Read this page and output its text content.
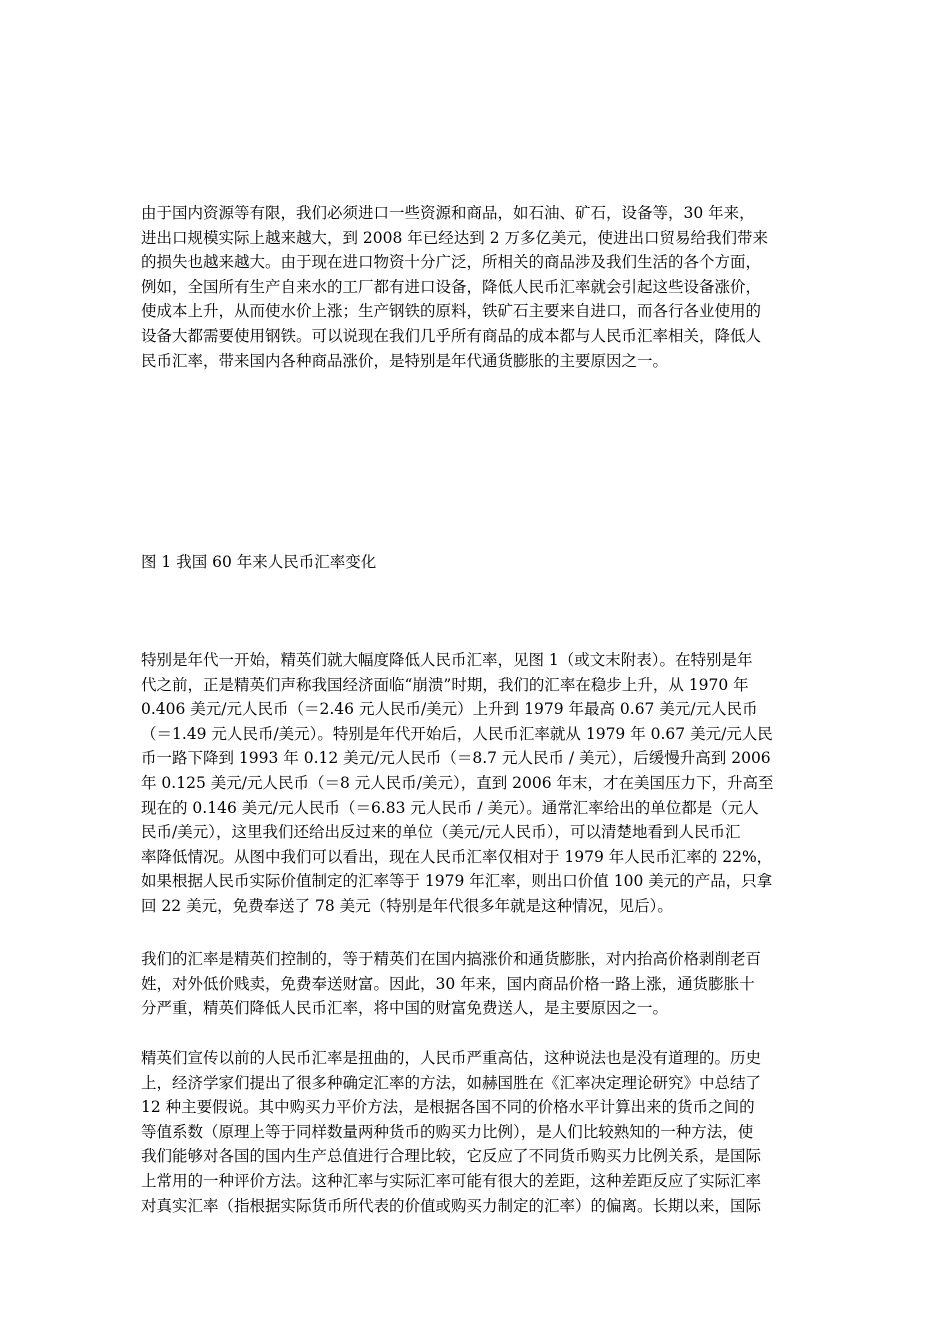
由于国内资源等有限，我们必须进口一些资源和商品，如石油、矿石，设备等，30 年来，
进出口规模实际上越来越大，到 2008 年已经达到 2 万多亿美元，使进出口贸易给我们带来
的损失也越来越大。由于现在进口物资十分广泛，所相关的商品涉及我们生活的各个方面，
例如，全国所有生产自来水的工厂都有进口设备，降低人民币汇率就会引起这些设备涨价，
使成本上升，从而使水价上涨；生产钢铁的原料，铁矿石主要来自进口，而各行各业使用的
设备大都需要使用钢铁。可以说现在我们几乎所有商品的成本都与人民币汇率相关，降低人
民币汇率，带来国内各种商品涨价，是特别是年代通货膨胀的主要原因之一。

图 1 我国 60 年来人民币汇率变化

特别是年代一开始，精英们就大幅度降低人民币汇率，见图 1（或文末附表）。在特别是年
代之前，正是精英们声称我国经济面临“崩溃”时期，我们的汇率在稳步上升，从 1970 年
0.406 美元/元人民币（＝2.46 元人民币/美元）上升到 1979 年最高 0.67 美元/元人民币
（＝1.49 元人民币/美元）。特别是年代开始后，人民币汇率就从 1979 年 0.67 美元/元人民
币一路下降到 1993 年 0.12 美元/元人民币（＝8.7 元人民币 / 美元），后缓慢升高到 2006
年 0.125 美元/元人民币（＝8 元人民币/美元），直到 2006 年末，才在美国压力下，升高至
现在的 0.146 美元/元人民币（＝6.83 元人民币 / 美元）。通常汇率给出的单位都是（元人
民币/美元），这里我们还给出反过来的单位（美元/元人民币），可以清楚地看到人民币汇
率降低情况。从图中我们可以看出，现在人民币汇率仅相对于 1979 年人民币汇率的 22%，
如果根据人民币实际价值制定的汇率等于 1979 年汇率，则出口价值 100 美元的产品，只拿
回 22 美元，免费奉送了 78 美元（特别是年代很多年就是这种情况，见后）。
我们的汇率是精英们控制的，等于精英们在国内搞涨价和通货膨胀，对内抬高价格剥削老百
姓，对外低价贱卖，免费奉送财富。因此，30 年来，国内商品价格一路上涨，通货膨胀十
分严重，精英们降低人民币汇率，将中国的财富免费送人，是主要原因之一。
精英们宣传以前的人民币汇率是扭曲的，人民币严重高估，这种说法也是没有道理的。历史
上，经济学家们提出了很多种确定汇率的方法，如赫国胜在《汇率决定理论研究》中总结了
12 种主要假说。其中购买力平价方法，是根据各国不同的价格水平计算出来的货币之间的
等值系数（原理上等于同样数量两种货币的购买力比例），是人们比较熟知的一种方法，使
我们能够对各国的国内生产总值进行合理比较，它反应了不同货币购买力比例关系，是国际
上常用的一种评价方法。这种汇率与实际汇率可能有很大的差距，这种差距反应了实际汇率
对真实汇率（指根据实际货币所代表的价值或购买力制定的汇率）的偏离。长期以来，国际
